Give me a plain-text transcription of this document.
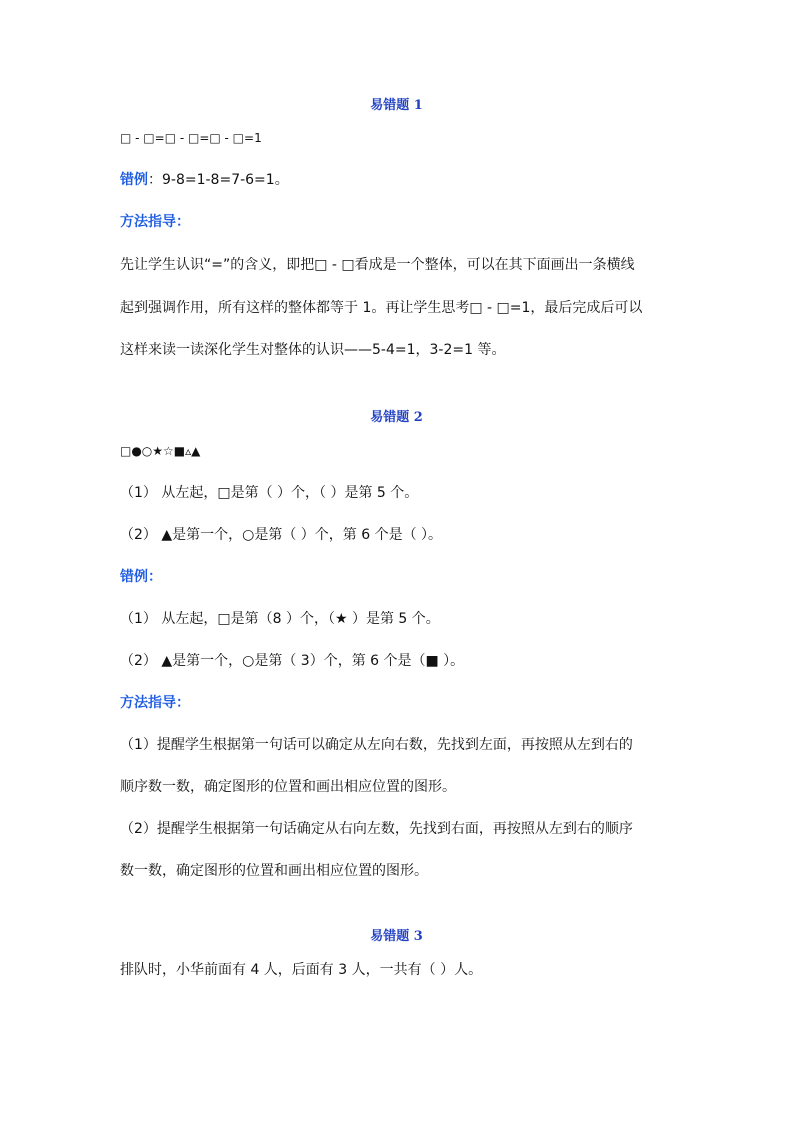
易错题 1
□ - □=□ - □=□ - □=1
错例：9-8=1-8=7-6=1。
方法指导：
先让学生认识“=”的含义，即把□ - □看成是一个整体，可以在其下面画出一条横线
起到强调作用，所有这样的整体都等于 1。再让学生思考□ - □=1，最后完成后可以
这样来读一读深化学生对整体的认识——5-4=1，3-2=1 等。
易错题 2
□●○★☆■▵▲
（1） 从左起，□是第（ ）个，（ ）是第 5 个。
（2） ▲是第一个，○是第（ ）个，第 6 个是（ ）。
错例：
（1） 从左起，□是第（8 ）个，（★ ）是第 5 个。
（2） ▲是第一个，○是第（ 3）个，第 6 个是（■ ）。
方法指导：
（1）提醒学生根据第一句话可以确定从左向右数，先找到左面，再按照从左到右的
顺序数一数，确定图形的位置和画出相应位置的图形。
（2）提醒学生根据第一句话确定从右向左数，先找到右面，再按照从左到右的顺序
数一数，确定图形的位置和画出相应位置的图形。
易错题 3
排队时，小华前面有 4 人，后面有 3 人，一共有（ ）人。
